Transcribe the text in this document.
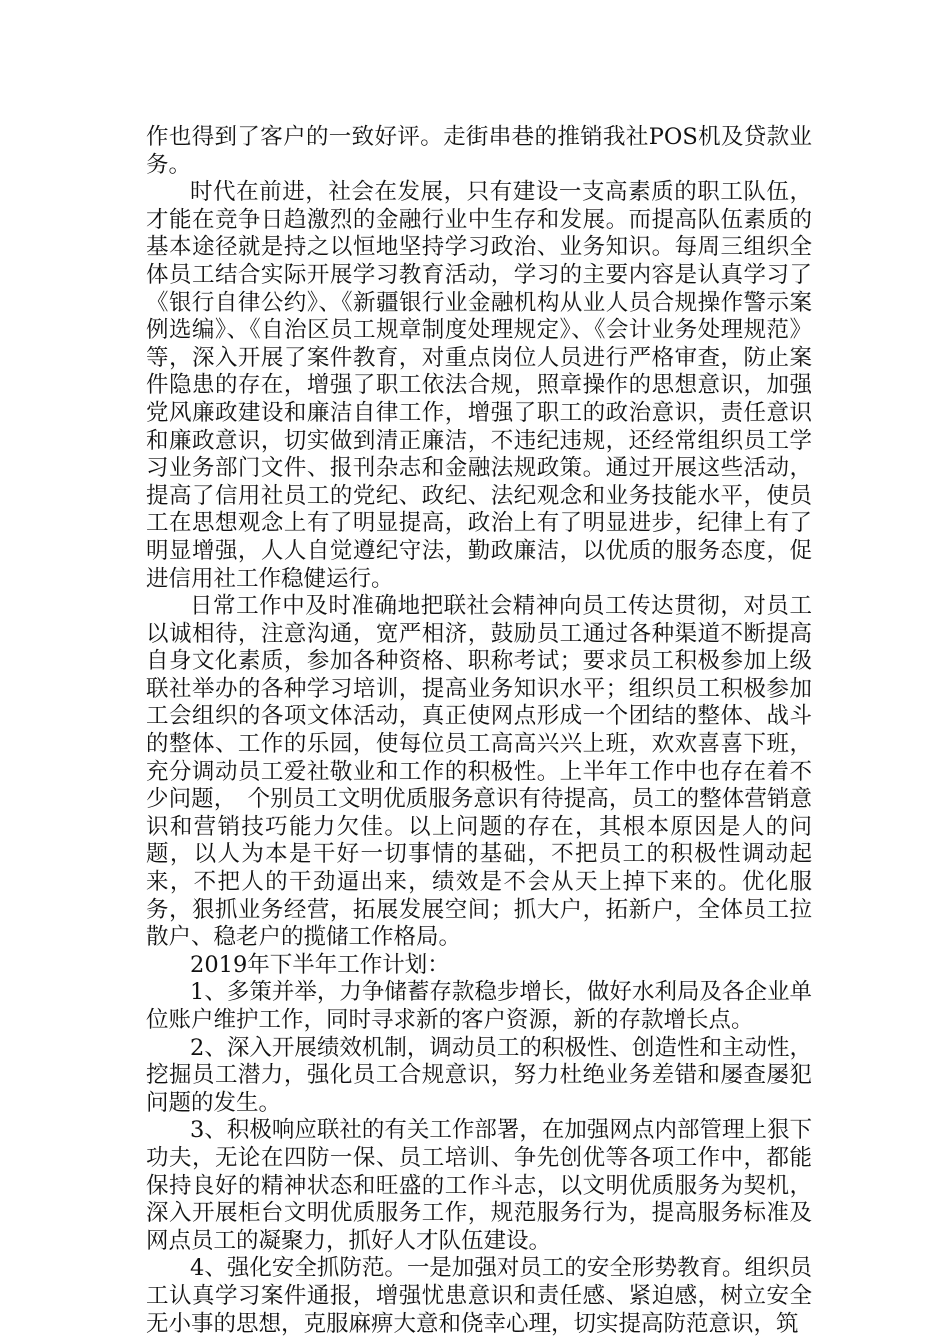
作也得到了客户的一致好评。走街串巷的推销我社POS机及贷款业务。

时代在前进，社会在发展，只有建设一支高素质的职工队伍，才能在竞争日趋激烈的金融行业中生存和发展。而提高队伍素质的基本途径就是持之以恒地坚持学习政治、业务知识。每周三组织全体员工结合实际开展学习教育活动，学习的主要内容是认真学习了《银行自律公约》、《新疆银行业金融机构从业人员合规操作警示案例选编》、《自治区员工规章制度处理规定》、《会计业务处理规范》等，深入开展了案件教育，对重点岗位人员进行严格审查，防止案件隐患的存在，增强了职工依法合规，照章操作的思想意识，加强党风廉政建设和廉洁自律工作，增强了职工的政治意识，责任意识和廉政意识，切实做到清正廉洁，不违纪违规，还经常组织员工学习业务部门文件、报刊杂志和金融法规政策。通过开展这些活动，提高了信用社员工的党纪、政纪、法纪观念和业务技能水平，使员工在思想观念上有了明显提高，政治上有了明显进步，纪律上有了明显增强，人人自觉遵纪守法，勤政廉洁，以优质的服务态度，促进信用社工作稳健运行。

日常工作中及时准确地把联社会精神向员工传达贯彻，对员工以诚相待，注意沟通，宽严相济，鼓励员工通过各种渠道不断提高自身文化素质，参加各种资格、职称考试；要求员工积极参加上级联社举办的各种学习培训，提高业务知识水平；组织员工积极参加工会组织的各项文体活动，真正使网点形成一个团结的整体、战斗的整体、工作的乐园，使每位员工高高兴兴上班，欢欢喜喜下班，充分调动员工爱社敬业和工作的积极性。上半年工作中也存在着不少问题，　个别员工文明优质服务意识有待提高，员工的整体营销意识和营销技巧能力欠佳。以上问题的存在，其根本原因是人的问题，以人为本是干好一切事情的基础，不把员工的积极性调动起来，不把人的干劲逼出来，绩效是不会从天上掉下来的。优化服务，狠抓业务经营，拓展发展空间；抓大户，拓新户，全体员工拉散户、稳老户的揽储工作格局。

2019年下半年工作计划：

1、多策并举，力争储蓄存款稳步增长，做好水利局及各企业单位账户维护工作，同时寻求新的客户资源，新的存款增长点。

2、深入开展绩效机制，调动员工的积极性、创造性和主动性，挖掘员工潜力，强化员工合规意识，努力杜绝业务差错和屡查屡犯问题的发生。

3、积极响应联社的有关工作部署，在加强网点内部管理上狠下功夫，无论在四防一保、员工培训、争先创优等各项工作中，都能保持良好的精神状态和旺盛的工作斗志，以文明优质服务为契机，深入开展柜台文明优质服务工作，规范服务行为，提高服务标准及网点员工的凝聚力，抓好人才队伍建设。

4、强化安全抓防范。一是加强对员工的安全形势教育。组织员工认真学习案件通报，增强忧患意识和责任感、紧迫感，树立安全无小事的思想，克服麻痹大意和侥幸心理，切实提高防范意识，筑
